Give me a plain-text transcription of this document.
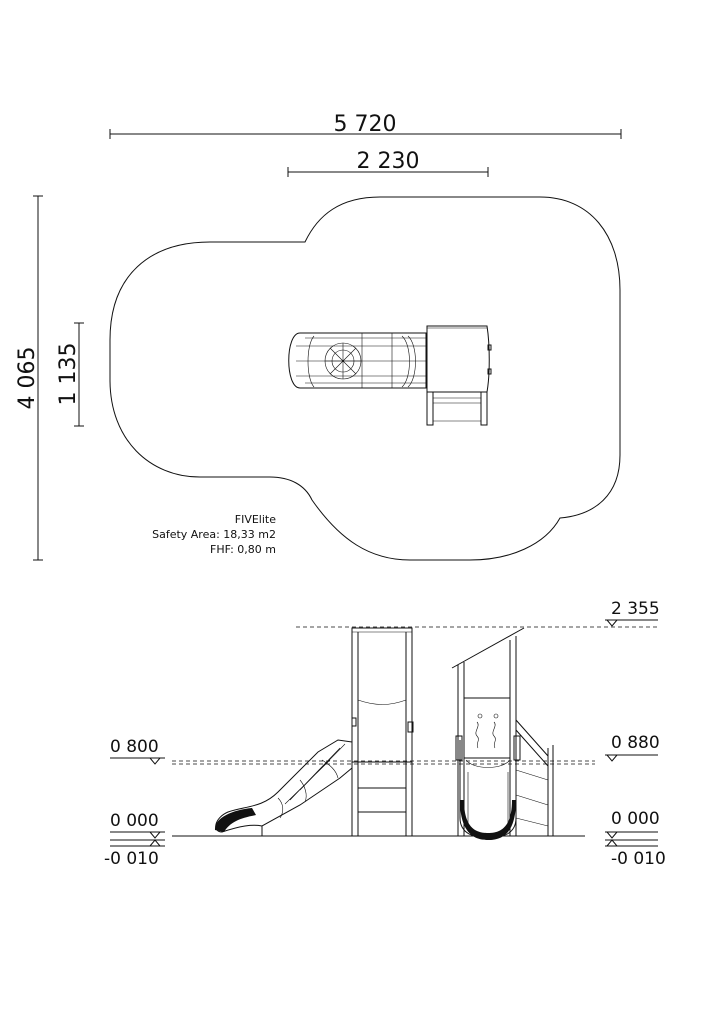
5 720
2 230
4 065 1 135
FIVElite
Safety Area: 18,33 m2
FHF: 0,80 m
0 800
0 000
-0 010
2 355
0 880
0 000
-0 010
